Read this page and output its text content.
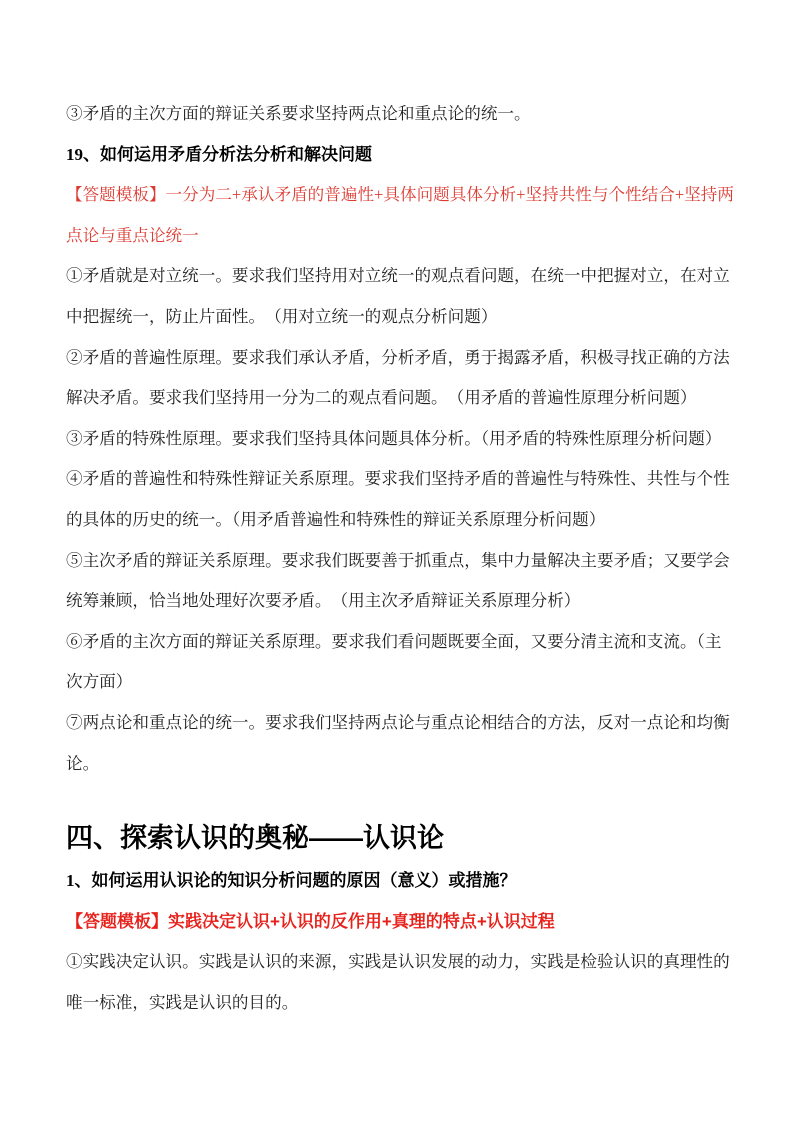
③矛盾的主次方面的辩证关系要求坚持两点论和重点论的统一。
19、如何运用矛盾分析法分析和解决问题
【答题模板】一分为二+承认矛盾的普遍性+具体问题具体分析+坚持共性与个性结合+坚持两
点论与重点论统一
①矛盾就是对立统一。要求我们坚持用对立统一的观点看问题，在统一中把握对立，在对立
中把握统一，防止片面性。　（用对立统一的观点分析问题）
②矛盾的普遍性原理。要求我们承认矛盾，分析矛盾，勇于揭露矛盾，积极寻找正确的方法
解决矛盾。要求我们坚持用一分为二的观点看问题。　（用矛盾的普遍性原理分析问题）
③矛盾的特殊性原理。要求我们坚持具体问题具体分析。（用矛盾的特殊性原理分析问题）
④矛盾的普遍性和特殊性辩证关系原理。要求我们坚持矛盾的普遍性与特殊性、共性与个性
的具体的历史的统一。（用矛盾普遍性和特殊性的辩证关系原理分析问题）
⑤主次矛盾的辩证关系原理。要求我们既要善于抓重点，集中力量解决主要矛盾；又要学会
统筹兼顾，恰当地处理好次要矛盾。　（用主次矛盾辩证关系原理分析）
⑥矛盾的主次方面的辩证关系原理。要求我们看问题既要全面，又要分清主流和支流。（主
次方面）
⑦两点论和重点论的统一。要求我们坚持两点论与重点论相结合的方法，反对一点论和均衡
论。
四、探索认识的奥秘——认识论
1、如何运用认识论的知识分析问题的原因（意义）或措施？
【答题模板】实践决定认识+认识的反作用+真理的特点+认识过程
①实践决定认识。实践是认识的来源，实践是认识发展的动力，实践是检验认识的真理性的
唯一标准，实践是认识的目的。
